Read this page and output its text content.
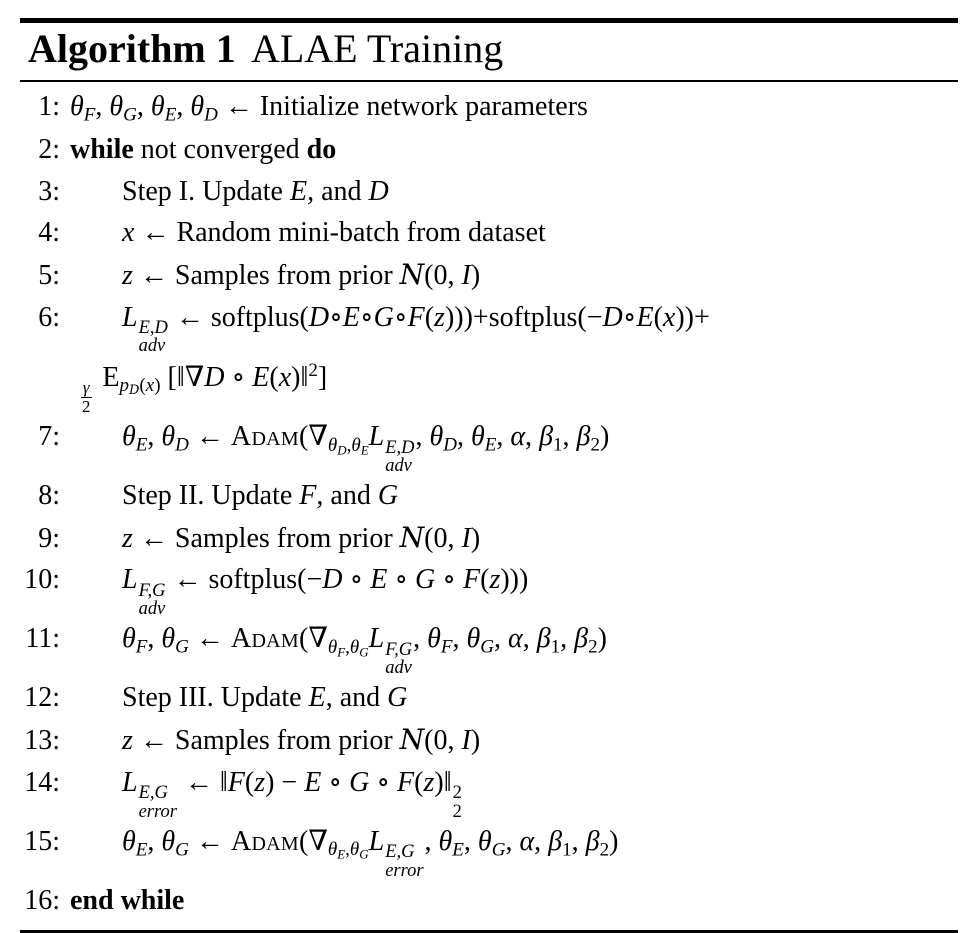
Algorithm 1 ALAE Training
1: θF, θG, θE, θD ← Initialize network parameters
2: while not converged do
3: Step I. Update E, and D
4: x ← Random mini-batch from dataset
5: z ← Samples from prior N(0, I)
6: L E,D
adv
← softplus(D∘E∘G∘F(z)))+softplus(−D∘E(x))+
$\frac{\gamma}{2}$
EpD(x) [‖∇D ∘ E(x)‖$^2$]
7: θE, θD ← Adam(∇θD,θEL E,D
adv
, θD, θE, α, β1, β2)
8: Step II. Update F, and G
9: z ← Samples from prior N(0, I)
10: L F,G
adv
← softplus(−D ∘ E ∘ G ∘ F(z)))
11: θF, θG ← Adam(∇θF,θGL F,G
adv
, θF, θG, α, β1, β2)
12: Step III. Update E, and G
13: z ← Samples from prior N(0, I)
14: L E,G
error
← ‖F(z) − E ∘ G ∘ F(z)‖ 2
2
15: θE, θG ← Adam(∇θE,θGL E,G
error
, θE, θG, α, β1, β2)
16: end while
